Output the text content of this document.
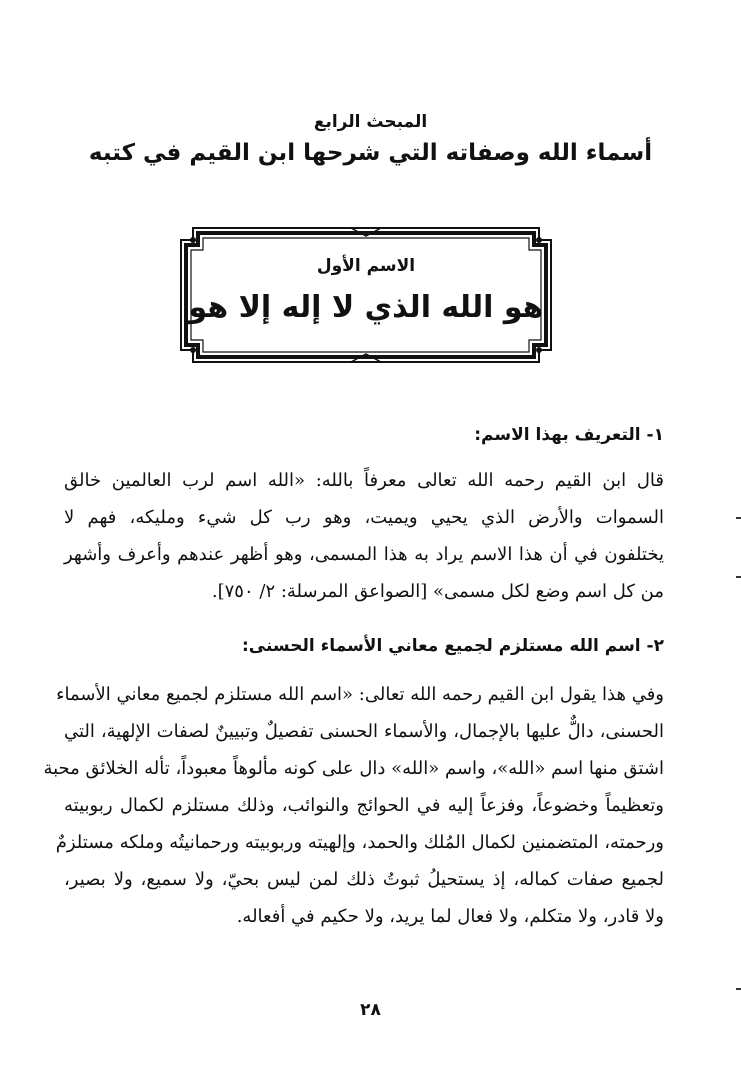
المبحث الرابع
أسماء الله وصفاته التي شرحها ابن القيم في كتبه
الاسم الأول
هو الله الذي لا إله إلا هو
١- التعريف بهذا الاسم:
قال ابن القيم رحمه الله تعالى معرفاً بالله: «الله اسم لرب العالمين خالق
السموات والأرض الذي يحيي ويميت، وهو رب كل شيء ومليكه، فهم لا
يختلفون في أن هذا الاسم يراد به هذا المسمى، وهو أظهر عندهم وأعرف وأشهر
من كل اسم وضع لكل مسمى» [الصواعق المرسلة: ٢/ ٧٥٠].
٢- اسم الله مستلزم لجميع معاني الأسماء الحسنى:
وفي هذا يقول ابن القيم رحمه الله تعالى: «اسم الله مستلزم لجميع معاني الأسماء
الحسنى، دالٌّ عليها بالإجمال، والأسماء الحسنى تفصيلٌ وتبيينٌ لصفات الإلهية، التي
اشتق منها اسم «الله»، واسم «الله» دال على كونه مألوهاً معبوداً، تأله الخلائق محبة
وتعظيماً وخضوعاً، وفزعاً إليه في الحوائج والنوائب، وذلك مستلزم لكمال ربوبيته
ورحمته، المتضمنين لكمال المُلك والحمد، وإلهيته وربوبيته ورحمانيتُه وملكه مستلزمٌ
لجميع صفات كماله، إذ يستحيلُ ثبوتُ ذلك لمن ليس بحيّ، ولا سميع، ولا بصير،
ولا قادر، ولا متكلم، ولا فعال لما يريد، ولا حكيم في أفعاله.
٢٨
